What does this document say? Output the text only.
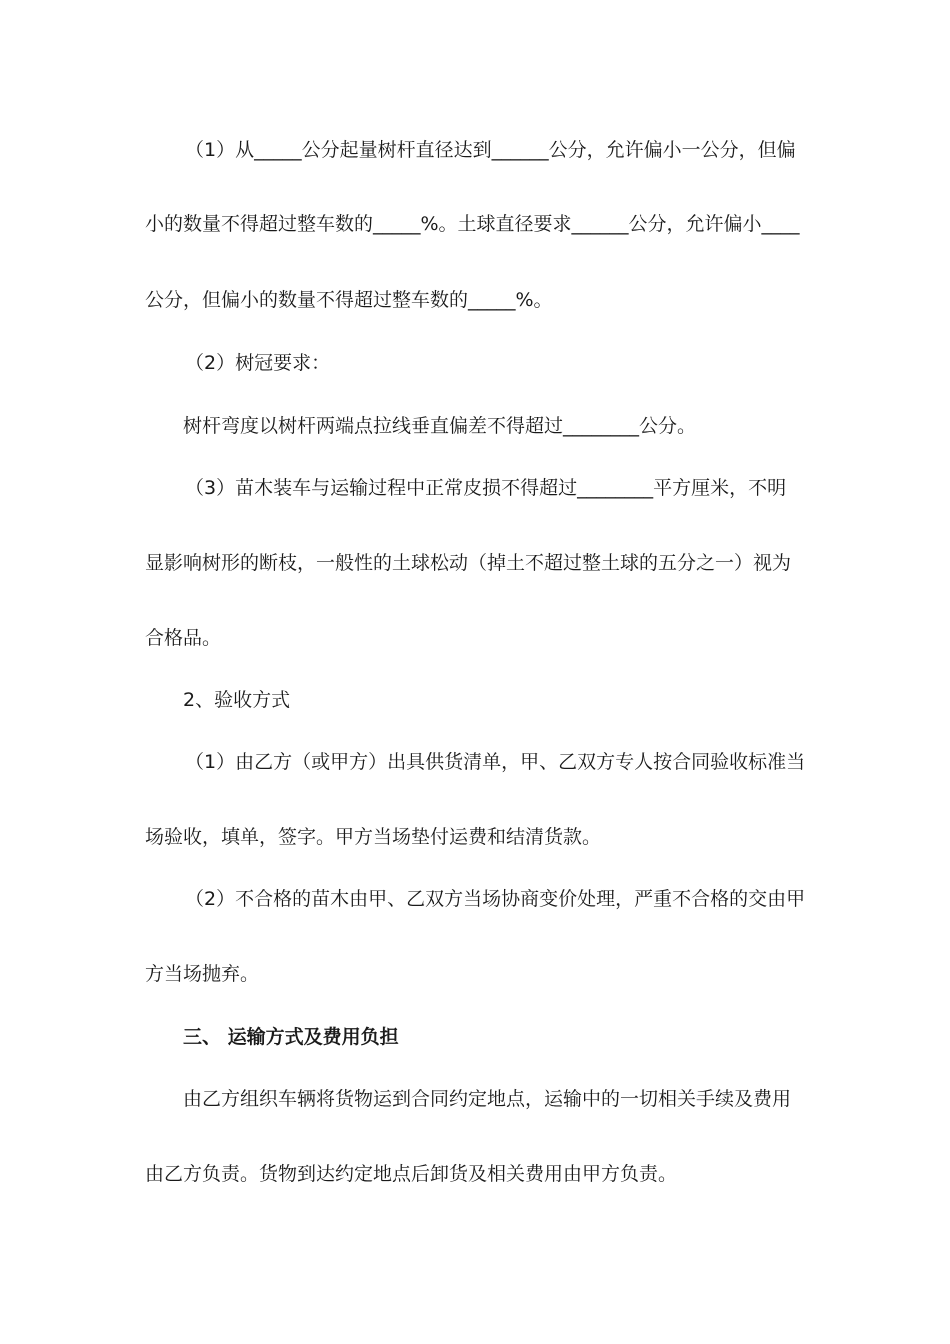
（1）从_____公分起量树杆直径达到______公分，允许偏小一公分，但偏

小的数量不得超过整车数的_____%。土球直径要求______公分，允许偏小____

公分，但偏小的数量不得超过整车数的_____%。

（2）树冠要求：

树杆弯度以树杆两端点拉线垂直偏差不得超过________公分。

（3）苗木装车与运输过程中正常皮损不得超过________平方厘米，不明

显影响树形的断枝，一般性的土球松动（掉土不超过整土球的五分之一）视为

合格品。

2、验收方式

（1）由乙方（或甲方）出具供货清单，甲、乙双方专人按合同验收标准当

场验收，填单，签字。甲方当场垫付运费和结清货款。

（2）不合格的苗木由甲、乙双方当场协商变价处理，严重不合格的交由甲

方当场抛弃。

三、 运输方式及费用负担

由乙方组织车辆将货物运到合同约定地点，运输中的一切相关手续及费用

由乙方负责。货物到达约定地点后卸货及相关费用由甲方负责。
